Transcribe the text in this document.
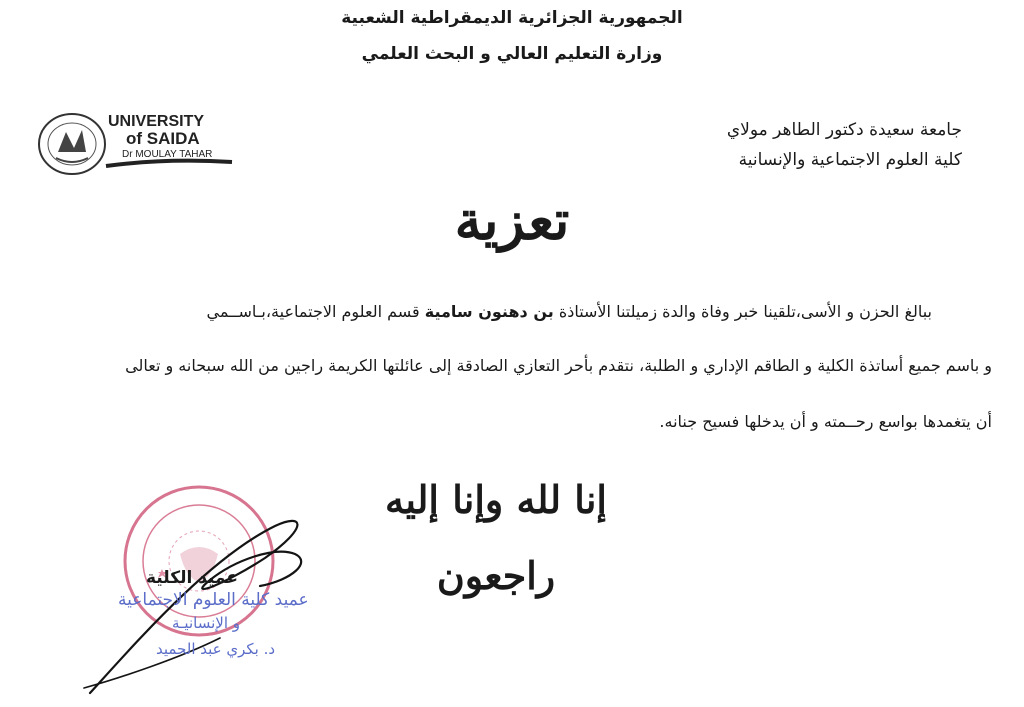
الجمهورية الجزائرية الديمقراطية الشعبية
وزارة التعليم العالي و البحث العلمي
UNIVERSITY
of SAIDA
Dr MOULAY TAHAR
جامعة سعيدة دكتور الطاهر مولاي
كلية العلوم الاجتماعية والإنسانية
تعزية
ببالغ الحزن و الأسى،تلقينا خبر وفاة والدة زميلتنا الأستاذة بن دهنون سامية قسم العلوم الاجتماعية،بـاســمي
و باسم جميع أساتذة الكلية و الطاقم الإداري و الطلبة، نتقدم بأحر التعازي الصادقة إلى عائلتها الكريمة راجين من الله سبحانه و تعالى
أن يتغمدها بواسع رحــمته و أن يدخلها فسيح جنانه.
إنا لله وإنا إليه راجعون
عميد الكلية
عميد كلية العلوم الاجتماعية
و الإنسانيـة
د. بكري عبد الحميد
